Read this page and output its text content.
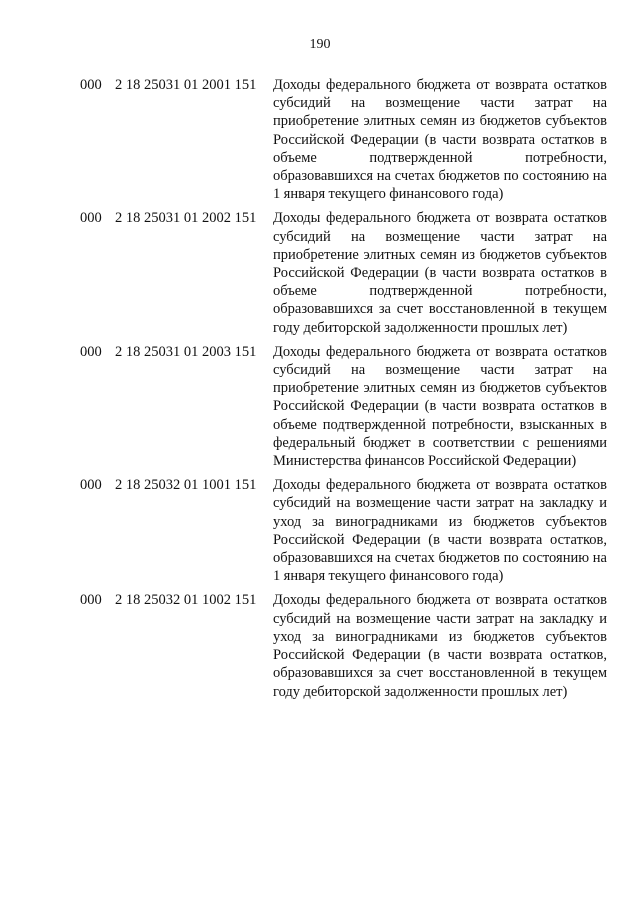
190
000 2 18 25031 01 2001 151 Доходы федерального бюджета от возврата остатков субсидий на возмещение части затрат на приобретение элитных семян из бюджетов субъектов Российской Федерации (в части возврата остатков в объеме подтвержденной потребности, образовавшихся на счетах бюджетов по состоянию на 1 января текущего финансового года)
000 2 18 25031 01 2002 151 Доходы федерального бюджета от возврата остатков субсидий на возмещение части затрат на приобретение элитных семян из бюджетов субъектов Российской Федерации (в части возврата остатков в объеме подтвержденной потребности, образовавшихся за счет восстановленной в текущем году дебиторской задолженности прошлых лет)
000 2 18 25031 01 2003 151 Доходы федерального бюджета от возврата остатков субсидий на возмещение части затрат на приобретение элитных семян из бюджетов субъектов Российской Федерации (в части возврата остатков в объеме подтвержденной потребности, взысканных в федеральный бюджет в соответствии с решениями Министерства финансов Российской Федерации)
000 2 18 25032 01 1001 151 Доходы федерального бюджета от возврата остатков субсидий на возмещение части затрат на закладку и уход за виноградниками из бюджетов субъектов Российской Федерации (в части возврата остатков, образовавшихся на счетах бюджетов по состоянию на 1 января текущего финансового года)
000 2 18 25032 01 1002 151 Доходы федерального бюджета от возврата остатков субсидий на возмещение части затрат на закладку и уход за виноградниками из бюджетов субъектов Российской Федерации (в части возврата остатков, образовавшихся за счет восстановленной в текущем году дебиторской задолженности прошлых лет)
